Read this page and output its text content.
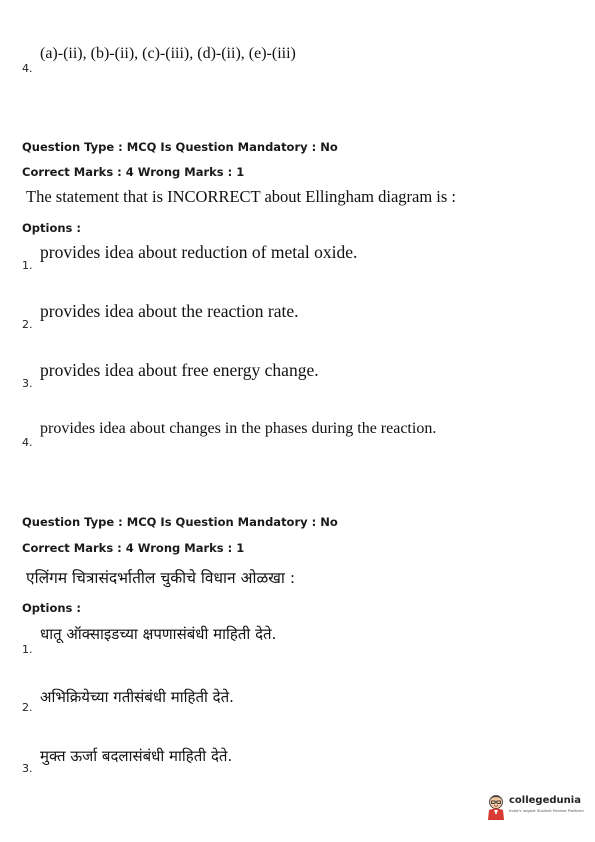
4.
(a)-(ii), (b)-(ii), (c)-(iii), (d)-(ii), (e)-(iii)
Question Type : MCQ Is Question Mandatory : No
Correct Marks : 4 Wrong Marks : 1
The statement that is INCORRECT about Ellingham diagram is :
Options :
1.
provides idea about reduction of metal oxide.
2.
provides idea about the reaction rate.
3.
provides idea about free energy change.
4.
provides idea about changes in the phases during the reaction.
Question Type : MCQ Is Question Mandatory : No
Correct Marks : 4 Wrong Marks : 1
एलिंगम चित्रासंदर्भातील चुकीचे विधान ओळखा :
Options :
1.
धातू ऑक्साइडच्या क्षपणासंबंधी माहिती देते.
2.
अभिक्रियेच्या गतीसंबंधी माहिती देते.
3.
मुक्त ऊर्जा बदलासंबंधी माहिती देते.
collegedunia
India's largest Student Review Platform
